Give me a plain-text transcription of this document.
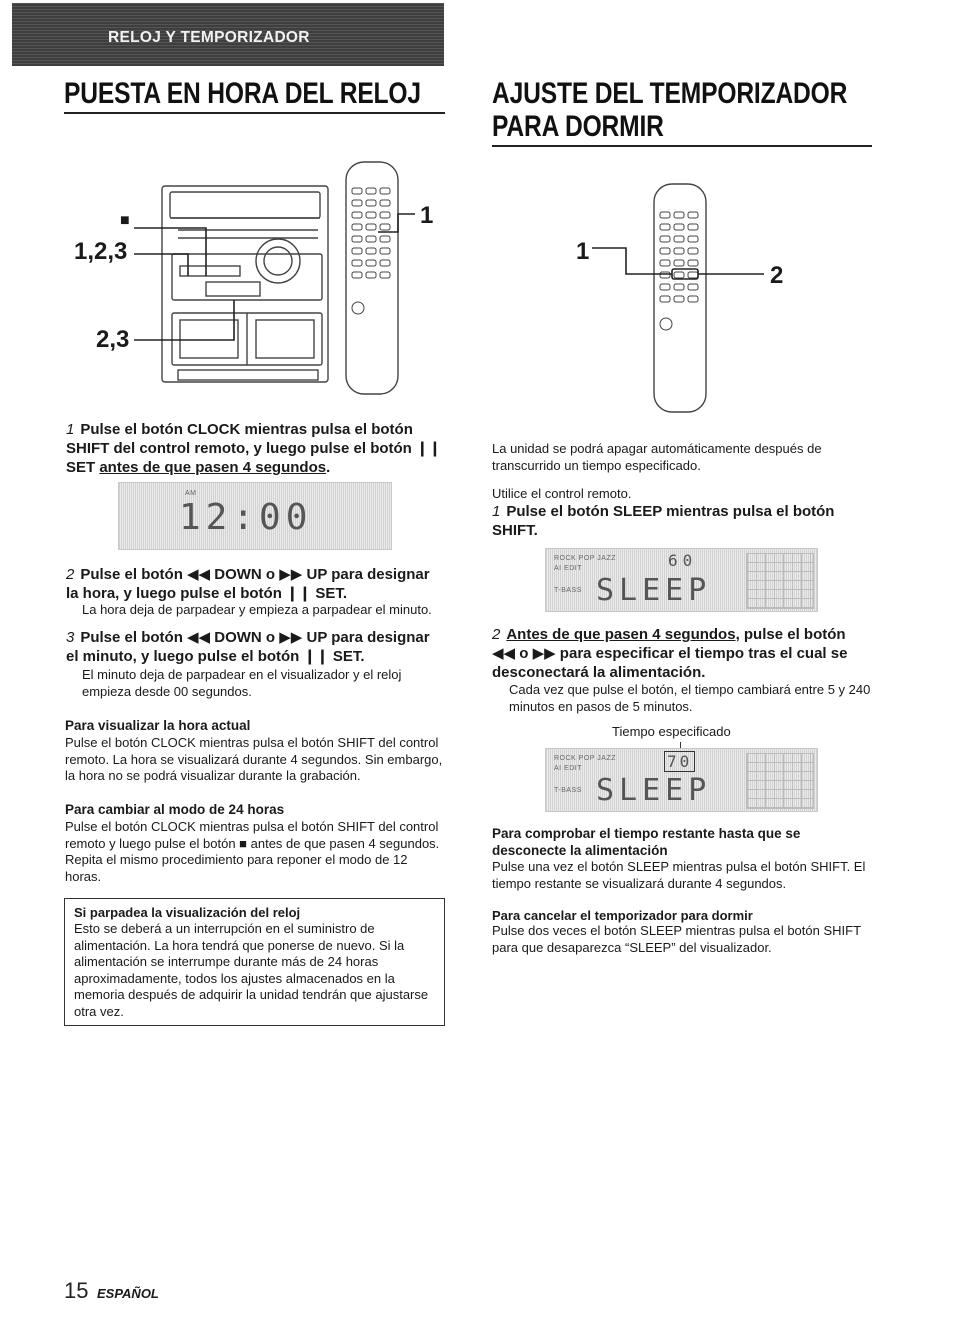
RELOJ Y TEMPORIZADOR
PUESTA EN HORA DEL RELOJ
■
1,2,3
2,3
1
1 Pulse el botón CLOCK mientras pulsa el botón SHIFT del control remoto, y luego pulse el botón ❙❙ SET antes de que pasen 4 segundos.
AM
12:00
2 Pulse el botón ◀◀ DOWN o ▶▶ UP para designar la hora, y luego pulse el botón ❙❙ SET.
La hora deja de parpadear y empieza a parpadear el minuto.
3 Pulse el botón ◀◀ DOWN o ▶▶ UP para designar el minuto, y luego pulse el botón ❙❙ SET.
El minuto deja de parpadear en el visualizador y el reloj empieza desde 00 segundos.
Para visualizar la hora actual
Pulse el botón CLOCK mientras pulsa el botón SHIFT del control remoto. La hora se visualizará durante 4 segundos. Sin embargo, la hora no se podrá visualizar durante la grabación.
Para cambiar al modo de 24 horas
Pulse el botón CLOCK mientras pulsa el botón SHIFT del control remoto y luego pulse el botón ■ antes de que pasen 4 segundos. Repita el mismo procedimiento para reponer el modo de 12 horas.
Si parpadea la visualización del reloj
Esto se deberá a un interrupción en el suministro de alimentación. La hora tendrá que ponerse de nuevo. Si la alimentación se interrumpe durante más de 24 horas aproximadamente, todos los ajustes almacenados en la memoria después de adquirir la unidad tendrán que ajustarse otra vez.
AJUSTE DEL TEMPORIZADOR
PARA DORMIR
1
2
La unidad se podrá apagar automáticamente después de transcurrido un tiempo especificado.
Utilice el control remoto.
1 Pulse el botón SLEEP mientras pulsa el botón SHIFT.
ROCK POP JAZZ
AI EDIT
T-BASS
60
SLEEP
2 Antes de que pasen 4 segundos, pulse el botón ◀◀ o ▶▶ para especificar el tiempo tras el cual se desconectará la alimentación.
Cada vez que pulse el botón, el tiempo cambiará entre 5 y 240 minutos en pasos de 5 minutos.
Tiempo especificado
ROCK POP JAZZ
AI EDIT
T-BASS
70
SLEEP
Para comprobar el tiempo restante hasta que se desconecte la alimentación
Pulse una vez el botón SLEEP mientras pulsa el botón SHIFT. El tiempo restante se visualizará durante 4 segundos.
Para cancelar el temporizador para dormir
Pulse dos veces el botón SLEEP mientras pulsa el botón SHIFT para que desaparezca “SLEEP” del visualizador.
15 ESPAÑOL
